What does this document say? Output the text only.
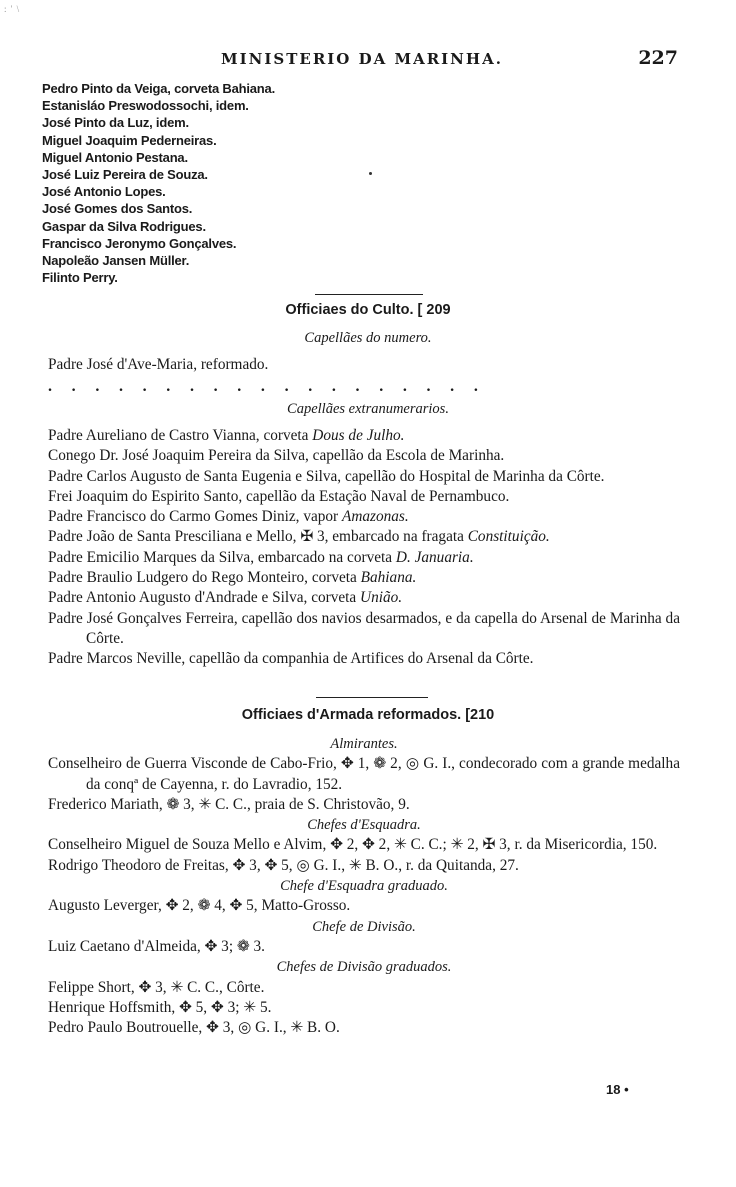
: ' \
MINISTERIO DA MARINHA.	227
Pedro Pinto da Veiga, corveta Bahiana.
Estanisláo Preswodossochi, idem.
José Pinto da Luz, idem.
Miguel Joaquim Pederneiras.
Miguel Antonio Pestana.
José Luiz Pereira de Souza.
José Antonio Lopes.
José Gomes dos Santos.
Gaspar da Silva Rodrigues.
Francisco Jeronymo Gonçalves.
Napoleão Jansen Müller.
Filinto Perry.
Officiaes do Culto. [ 209
Capellães do numero.
Padre José d'Ave-Maria, reformado.
. . . . . . . . . . . . . . . . . . .
Capellães extranumerarios.
Padre Aureliano de Castro Vianna, corveta Dous de Julho.
Conego Dr. José Joaquim Pereira da Silva, capellão da Escola de Marinha.
Padre Carlos Augusto de Santa Eugenia e Silva, capellão do Hospital de Marinha da Côrte.
Frei Joaquim do Espirito Santo, capellão da Estação Naval de Pernambuco.
Padre Francisco do Carmo Gomes Diniz, vapor Amazonas.
Padre João de Santa Presciliana e Mello, ✠ 3, embarcado na fragata Constituição.
Padre Emicilio Marques da Silva, embarcado na corveta D. Januaria.
Padre Braulio Ludgero do Rego Monteiro, corveta Bahiana.
Padre Antonio Augusto d'Andrade e Silva, corveta União.
Padre José Gonçalves Ferreira, capellão dos navios desarmados, e da capella do Arsenal de Marinha da Côrte.
Padre Marcos Neville, capellão da companhia de Artifices do Arsenal da Côrte.
Officiaes d'Armada reformados. [210
Almirantes.
Conselheiro de Guerra Visconde de Cabo-Frio, ✥ 1, ❁ 2, ◎ G. I., condecorado com a grande medalha da conqª de Cayenna, r. do Lavradio, 152.
Frederico Mariath, ❁ 3, ✳ C. C., praia de S. Christovão, 9.
Chefes d'Esquadra.
Conselheiro Miguel de Souza Mello e Alvim, ✥ 2, ✥ 2, ✳ C. C.; ✳ 2, ✠ 3, r. da Misericordia, 150.
Rodrigo Theodoro de Freitas, ✥ 3, ✥ 5, ◎ G. I., ✳ B. O., r. da Quitanda, 27.
Chefe d'Esquadra graduado.
Augusto Leverger, ✥ 2, ❁ 4, ✥ 5, Matto-Grosso.
Chefe de Divisão.
Luiz Caetano d'Almeida, ✥ 3; ❁ 3.
Chefes de Divisão graduados.
Felippe Short, ✥ 3, ✳ C. C., Côrte.
Henrique Hoffsmith, ✥ 5, ✥ 3; ✳ 5.
Pedro Paulo Boutrouelle, ✥ 3, ◎ G. I., ✳ B. O.
18 •
